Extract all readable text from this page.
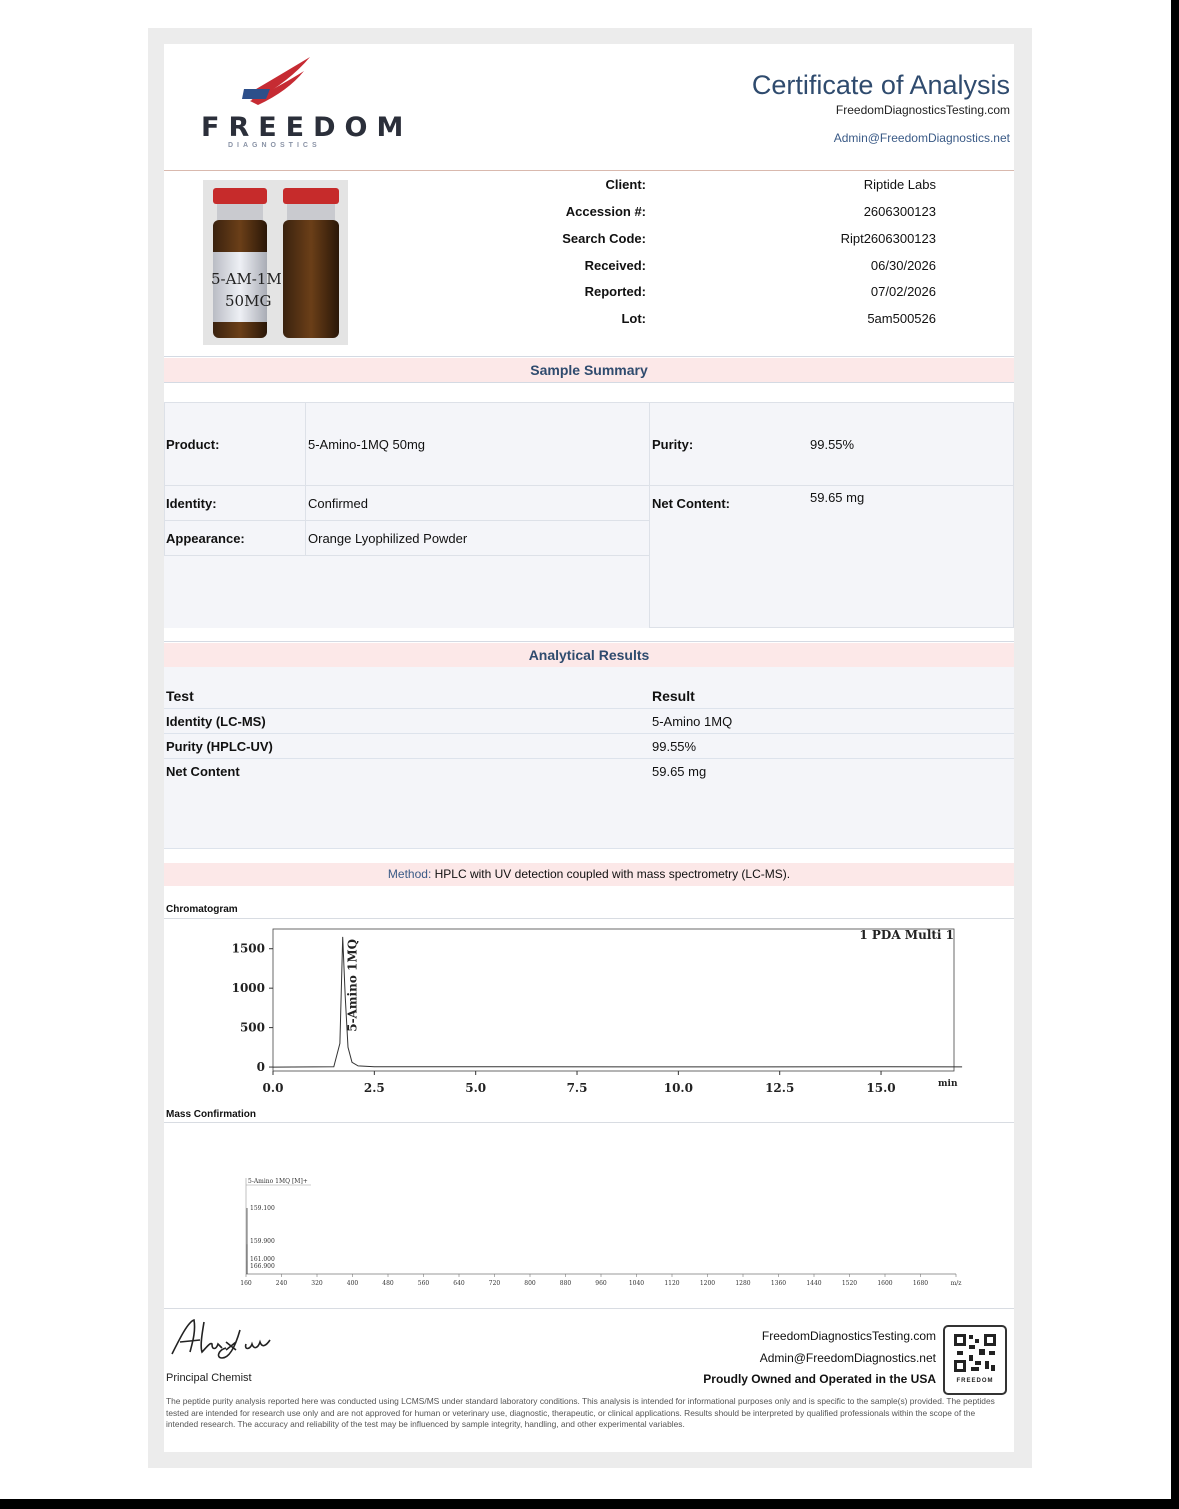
FREEDOM
DIAGNOSTICS
Certificate of Analysis
FreedomDiagnosticsTesting.com
Admin@FreedomDiagnostics.net
5-AM-1M
50MG
Client:	Riptide Labs
Accession #:	2606300123
Search Code:	Ript2606300123
Received:	06/30/2026
Reported:	07/02/2026
Lot:	5am500526
Sample Summary
Product:	5-Amino-1MQ 50mg	Purity:	99.55%
Identity:	Confirmed	Net Content:	59.65 mg
Appearance:	Orange Lyophilized Powder
Analytical Results
Test	Result
Identity (LC-MS)	5-Amino 1MQ
Purity (HPLC-UV)	99.55%
Net Content	59.65 mg
Method: HPLC with UV detection coupled with mass spectrometry (LC-MS).
Chromatogram
0
500
1000
1500
0.0	2.5	5.0	7.5	10.0	12.5	15.0	min
1 PDA Multi 1
5-Amino 1MQ
Mass Confirmation
5-Amino 1MQ [M]+
160	240	320	400	480	560	640	720	800	880	960	1040	1120	1200	1280	1360	1440	1520	1600	1680	m/z
159.100
159.900
161.000
166.900
Principal Chemist
FreedomDiagnosticsTesting.com
Admin@FreedomDiagnostics.net
Proudly Owned and Operated in the USA	FREEDOM
The peptide purity analysis reported here was conducted using LCMS/MS under standard laboratory conditions. This analysis is intended for informational purposes only and is specific to the sample(s) provided. The peptides tested are intended for research use only and are not approved for human or veterinary use, diagnostic, therapeutic, or clinical applications. Results should be interpreted by qualified professionals within the scope of the intended research. The accuracy and reliability of the test may be influenced by sample integrity, handling, and other experimental variables.
